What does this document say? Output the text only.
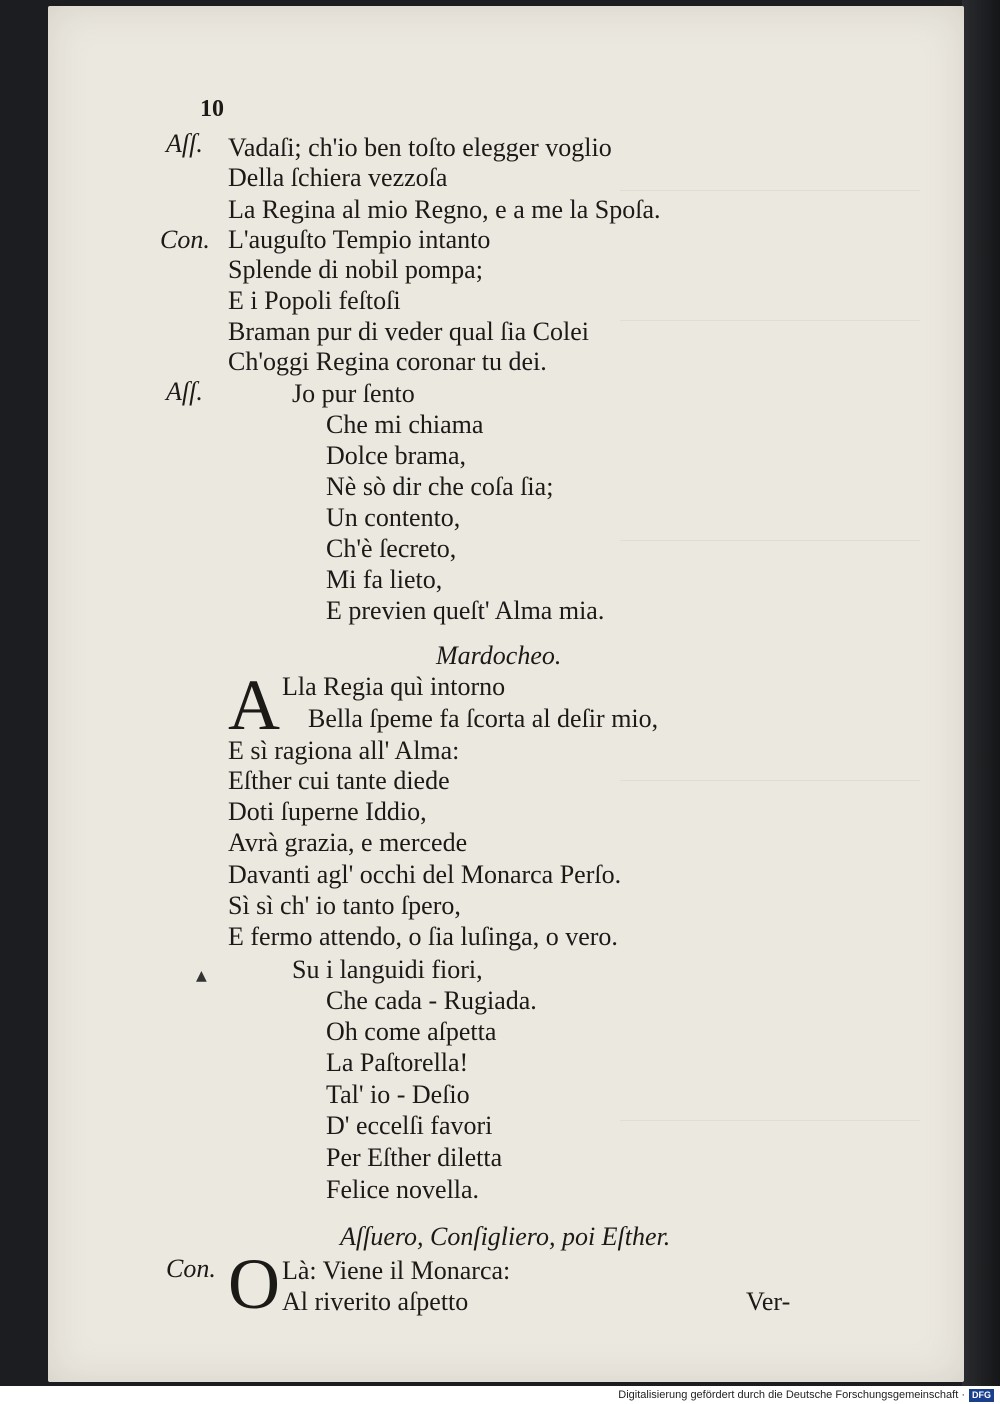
10
Aſſ.
Con.
Aſſ.
Con.
Vadaſi; ch'io ben toſto elegger voglio
Della ſchiera vezzoſa
La Regina al mio Regno, e a me la Spoſa.
L'auguſto Tempio intanto
Splende di nobil pompa;
E i Popoli feſtoſi
Braman pur di veder qual ſia Colei
Ch'oggi Regina coronar tu dei.
Jo pur ſento
Che mi chiama
Dolce brama,
Nè sò dir che coſa ſia;
Un contento,
Ch'è ſecreto,
Mi fa lieto,
E previen queſt' Alma mia.
Mardocheo.
A Lla Regia quì intorno
Bella ſpeme fa ſcorta al deſir mio,
E sì ragiona all' Alma:
Eſther cui tante diede
Doti ſuperne Iddio,
Avrà grazia, e mercede
Davanti agl' occhi del Monarca Perſo.
Sì sì ch' io tanto ſpero,
E fermo attendo, o ſia luſinga, o vero.
▲	Su i languidi fiori,
Che cada - Rugiada.
Oh come aſpetta
La Paſtorella!
Tal' io - Deſio
D' eccelſi favori
Per Eſther diletta
Felice novella.
Aſſuero, Conſigliero, poi Eſther.
O Là: Viene il Monarca:
Al riverito aſpetto	Ver-
Digitalisierung gefördert durch die Deutsche Forschungsgemeinschaft · DFG
